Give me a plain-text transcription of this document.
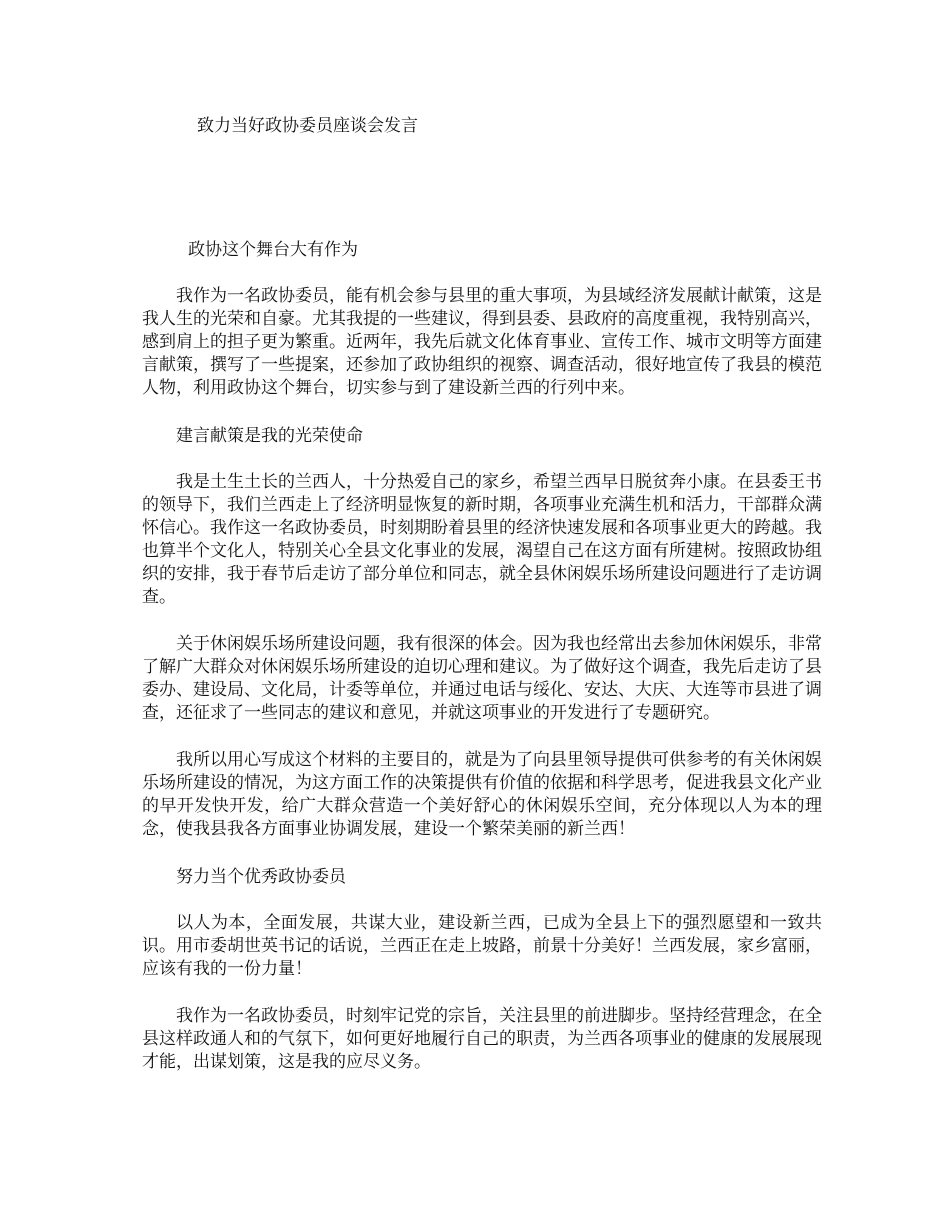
致力当好政协委员座谈会发言
政协这个舞台大有作为

我作为一名政协委员，能有机会参与县里的重大事项，为县域经济发展献计献策，这是我人生的光荣和自豪。尤其我提的一些建议，得到县委、县政府的高度重视，我特别高兴，感到肩上的担子更为繁重。近两年，我先后就文化体育事业、宣传工作、城市文明等方面建言献策，撰写了一些提案，还参加了政协组织的视察、调查活动，很好地宣传了我县的模范人物，利用政协这个舞台，切实参与到了建设新兰西的行列中来。

建言献策是我的光荣使命

我是土生土长的兰西人，十分热爱自己的家乡，希望兰西早日脱贫奔小康。在县委王书的领导下，我们兰西走上了经济明显恢复的新时期，各项事业充满生机和活力，干部群众满怀信心。我作这一名政协委员，时刻期盼着县里的经济快速发展和各项事业更大的跨越。我也算半个文化人，特别关心全县文化事业的发展，渴望自己在这方面有所建树。按照政协组织的安排，我于春节后走访了部分单位和同志，就全县休闲娱乐场所建设问题进行了走访调查。

关于休闲娱乐场所建设问题，我有很深的体会。因为我也经常出去参加休闲娱乐，非常了解广大群众对休闲娱乐场所建设的迫切心理和建议。为了做好这个调查，我先后走访了县委办、建设局、文化局，计委等单位，并通过电话与绥化、安达、大庆、大连等市县进了调查，还征求了一些同志的建议和意见，并就这项事业的开发进行了专题研究。

我所以用心写成这个材料的主要目的，就是为了向县里领导提供可供参考的有关休闲娱乐场所建设的情况，为这方面工作的决策提供有价值的依据和科学思考，促进我县文化产业的早开发快开发，给广大群众营造一个美好舒心的休闲娱乐空间，充分体现以人为本的理念，使我县我各方面事业协调发展，建设一个繁荣美丽的新兰西！

努力当个优秀政协委员

以人为本，全面发展，共谋大业，建设新兰西，已成为全县上下的强烈愿望和一致共识。用市委胡世英书记的话说，兰西正在走上坡路，前景十分美好！兰西发展，家乡富丽，应该有我的一份力量！

我作为一名政协委员，时刻牢记党的宗旨，关注县里的前进脚步。坚持经营理念，在全县这样政通人和的气氛下，如何更好地履行自己的职责，为兰西各项事业的健康的发展展现才能，出谋划策，这是我的应尽义务。
